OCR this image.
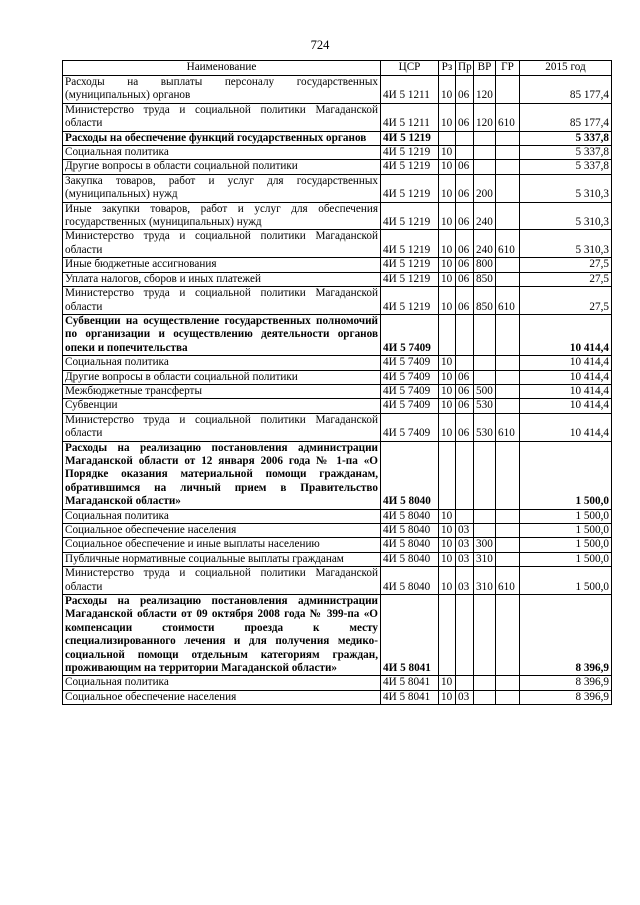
724
Наименование	ЦСР	Рз	Пр	ВР	ГР	2015 год
Расходы на выплаты персоналу государственных (муниципальных) органов	4И 5 1211	10	06	120		85 177,4
Министерство труда и социальной политики Магаданской области	4И 5 1211	10	06	120	610	85 177,4
Расходы на обеспечение функций государственных органов	4И 5 1219					5 337,8
Социальная политика	4И 5 1219	10				5 337,8
Другие вопросы в области социальной политики	4И 5 1219	10	06			5 337,8
Закупка товаров, работ и услуг для государственных (муниципальных) нужд	4И 5 1219	10	06	200		5 310,3
Иные закупки товаров, работ и услуг для обеспечения государственных (муниципальных) нужд	4И 5 1219	10	06	240		5 310,3
Министерство труда и социальной политики Магаданской области	4И 5 1219	10	06	240	610	5 310,3
Иные бюджетные ассигнования	4И 5 1219	10	06	800		27,5
Уплата налогов, сборов и иных платежей	4И 5 1219	10	06	850		27,5
Министерство труда и социальной политики Магаданской области	4И 5 1219	10	06	850	610	27,5
Субвенции на осуществление государственных полномочий по организации и осуществлению деятельности органов опеки и попечительства	4И 5 7409					10 414,4
Социальная политика	4И 5 7409	10				10 414,4
Другие вопросы в области социальной политики	4И 5 7409	10	06			10 414,4
Межбюджетные трансферты	4И 5 7409	10	06	500		10 414,4
Субвенции	4И 5 7409	10	06	530		10 414,4
Министерство труда и социальной политики Магаданской области	4И 5 7409	10	06	530	610	10 414,4
Расходы на реализацию постановления администрации Магаданской области от 12 января 2006 года № 1-па «О Порядке оказания материальной помощи гражданам, обратившимся на личный прием в Правительство Магаданской области»	4И 5 8040					1 500,0
Социальная политика	4И 5 8040	10				1 500,0
Социальное обеспечение населения	4И 5 8040	10	03			1 500,0
Социальное обеспечение и иные выплаты населению	4И 5 8040	10	03	300		1 500,0
Публичные нормативные социальные выплаты гражданам	4И 5 8040	10	03	310		1 500,0
Министерство труда и социальной политики Магаданской области	4И 5 8040	10	03	310	610	1 500,0
Расходы на реализацию постановления администрации Магаданской области от 09 октября 2008 года № 399-па «О компенсации стоимости проезда к месту специализированного лечения и для получения медико-социальной помощи отдельным категориям граждан, проживающим на территории Магаданской области»	4И 5 8041					8 396,9
Социальная политика	4И 5 8041	10				8 396,9
Социальное обеспечение населения	4И 5 8041	10	03			8 396,9
